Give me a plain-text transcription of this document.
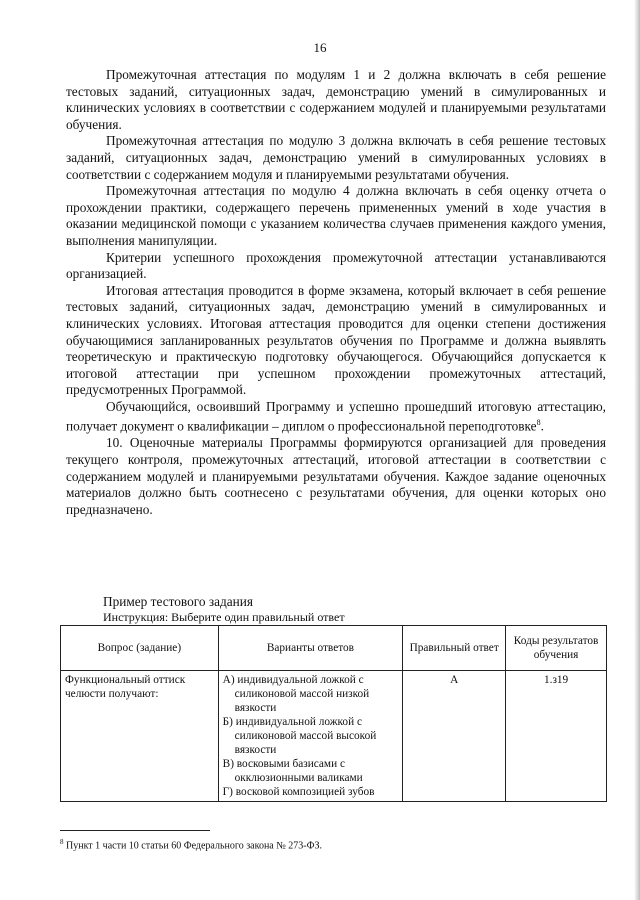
16

Промежуточная аттестация по модулям 1 и 2 должна включать в себя решение тестовых заданий, ситуационных задач, демонстрацию умений в симулированных и клинических условиях в соответствии с содержанием модулей и планируемыми результатами обучения.

Промежуточная аттестация по модулю 3 должна включать в себя решение тестовых заданий, ситуационных задач, демонстрацию умений в симулированных условиях в соответствии с содержанием модуля и планируемыми результатами обучения.

Промежуточная аттестация по модулю 4 должна включать в себя оценку отчета о прохождении практики, содержащего перечень примененных умений в ходе участия в оказании медицинской помощи с указанием количества случаев применения каждого умения, выполнения манипуляции.

Критерии успешного прохождения промежуточной аттестации устанавливаются организацией.

Итоговая аттестация проводится в форме экзамена, который включает в себя решение тестовых заданий, ситуационных задач, демонстрацию умений в симулированных и клинических условиях. Итоговая аттестация проводится для оценки степени достижения обучающимися запланированных результатов обучения по Программе и должна выявлять теоретическую и практическую подготовку обучающегося. Обучающийся допускается к итоговой аттестации при успешном прохождении промежуточных аттестаций, предусмотренных Программой.

Обучающийся, освоивший Программу и успешно прошедший итоговую аттестацию, получает документ о квалификации – диплом о профессиональной переподготовке$^8$.

10. Оценочные материалы Программы формируются организацией для проведения текущего контроля, промежуточных аттестаций, итоговой аттестации в соответствии с содержанием модулей и планируемыми результатами обучения. Каждое задание оценочных материалов должно быть соотнесено с результатами обучения, для оценки которых оно предназначено.

Пример тестового задания
Инструкция: Выберите один правильный ответ
Вопрос (задание)	Варианты ответов	Правильный ответ	Коды результатов обучения
Функциональный оттиск челюсти получают:	А) индивидуальной ложкой с силиконовой массой низкой вязкости
Б) индивидуальной ложкой с силиконовой массой высокой вязкости
В) восковыми базисами с окклюзионными валиками
Г) восковой композицией зубов	А	1.з19
$^8$ Пункт 1 части 10 статьи 60 Федерального закона № 273-ФЗ.
